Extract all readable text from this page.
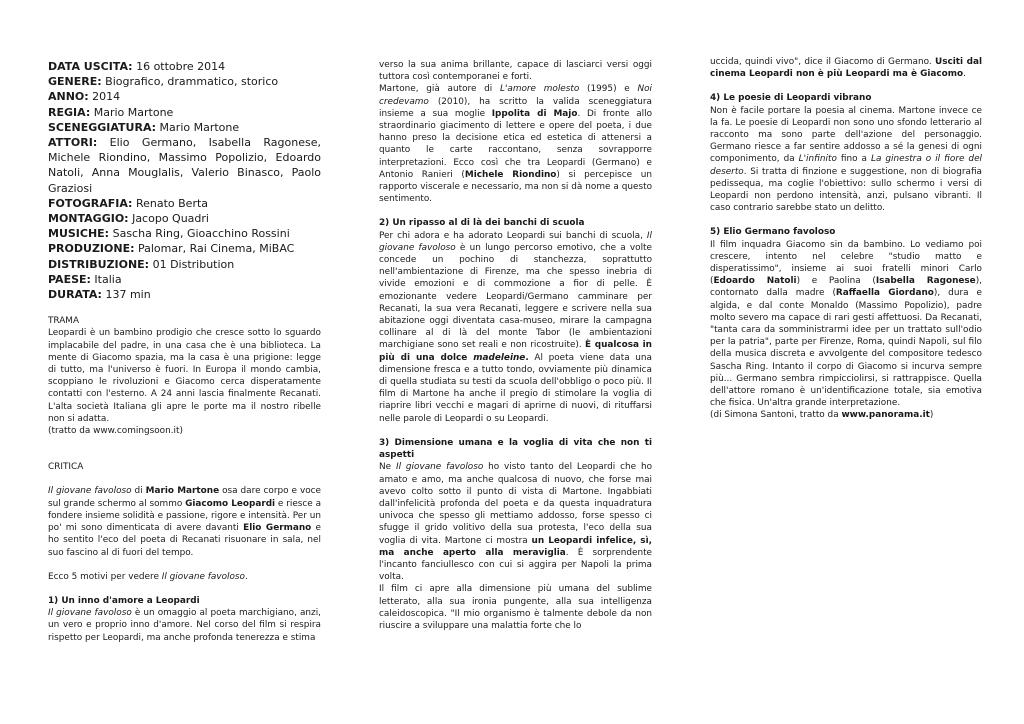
DATA USCITA: 16 ottobre 2014
GENERE: Biografico, drammatico, storico
ANNO: 2014
REGIA: Mario Martone
SCENEGGIATURA: Mario Martone
ATTORI: Elio Germano, Isabella Ragonese, Michele Riondino, Massimo Popolizio, Edoardo Natoli, Anna Mouglalis, Valerio Binasco, Paolo Graziosi
FOTOGRAFIA: Renato Berta
MONTAGGIO: Jacopo Quadri
MUSICHE: Sascha Ring, Gioacchino Rossini
PRODUZIONE: Palomar, Rai Cinema, MiBAC
DISTRIBUZIONE: 01 Distribution
PAESE: Italia
DURATA: 137 min

TRAMA

Leopardi è un bambino prodigio che cresce sotto lo sguardo implacabile del padre, in una casa che è una biblioteca. La mente di Giacomo spazia, ma la casa è una prigione: legge di tutto, ma l'universo è fuori. In Europa il mondo cambia, scoppiano le rivoluzioni e Giacomo cerca disperatamente contatti con l'esterno. A 24 anni lascia finalmente Recanati. L'alta società Italiana gli apre le porte ma il nostro ribelle non si adatta.

(tratto da www.comingsoon.it)

CRITICA

Il giovane favoloso di Mario Martone osa dare corpo e voce sul grande schermo al sommo Giacomo Leopardi e riesce a fondere insieme solidità e passione, rigore e intensità. Per un po' mi sono dimenticata di avere davanti Elio Germano e ho sentito l'eco del poeta di Recanati risuonare in sala, nel suo fascino al di fuori del tempo.

Ecco 5 motivi per vedere Il giovane favoloso.

1) Un inno d'amore a Leopardi

Il giovane favoloso è un omaggio al poeta marchigiano, anzi, un vero e proprio inno d'amore. Nel corso del film si respira rispetto per Leopardi, ma anche profonda tenerezza e stima

verso la sua anima brillante, capace di lasciarci versi oggi tuttora così contemporanei e forti.

Martone, già autore di L'amore molesto (1995) e Noi credevamo (2010), ha scritto la valida sceneggiatura insieme a sua moglie Ippolita di Majo. Di fronte allo straordinario giacimento di lettere e opere del poeta, i due hanno preso la decisione etica ed estetica di attenersi a quanto le carte raccontano, senza sovrapporre interpretazioni. Ecco così che tra Leopardi (Germano) e Antonio Ranieri (Michele Riondino) si percepisce un rapporto viscerale e necessario, ma non si dà nome a questo sentimento.

2) Un ripasso al di là dei banchi di scuola

Per chi adora e ha adorato Leopardi sui banchi di scuola, Il giovane favoloso è un lungo percorso emotivo, che a volte concede un pochino di stanchezza, soprattutto nell'ambientazione di Firenze, ma che spesso inebria di vivide emozioni e di commozione a fior di pelle. È emozionante vedere Leopardi/Germano camminare per Recanati, la sua vera Recanati, leggere e scrivere nella sua abitazione oggi diventata casa-museo, mirare la campagna collinare al di là del monte Tabor (le ambientazioni marchigiane sono set reali e non ricostruite). È qualcosa in più di una dolce madeleine. Al poeta viene data una dimensione fresca e a tutto tondo, ovviamente più dinamica di quella studiata su testi da scuola dell'obbligo o poco più. Il film di Martone ha anche il pregio di stimolare la voglia di riaprire libri vecchi e magari di aprirne di nuovi, di rituffarsi nelle parole di Leopardi o su Leopardi.

3) Dimensione umana e la voglia di vita che non ti aspetti

Ne Il giovane favoloso ho visto tanto del Leopardi che ho amato e amo, ma anche qualcosa di nuovo, che forse mai avevo colto sotto il punto di vista di Martone. Ingabbiati dall'infelicità profonda del poeta e da questa inquadratura univoca che spesso gli mettiamo addosso, forse spesso ci sfugge il grido volitivo della sua protesta, l'eco della sua voglia di vita. Martone ci mostra un Leopardi infelice, sì, ma anche aperto alla meraviglia. È sorprendente l'incanto fanciullesco con cui si aggira per Napoli la prima volta.

Il film ci apre alla dimensione più umana del sublime letterato, alla sua ironia pungente, alla sua intelligenza caleidoscopica. "Il mio organismo è talmente debole da non riuscire a sviluppare una malattia forte che lo

uccida, quindi vivo", dice il Giacomo di Germano. Usciti dal cinema Leopardi non è più Leopardi ma è Giacomo.

4) Le poesie di Leopardi vibrano

Non è facile portare la poesia al cinema. Martone invece ce la fa. Le poesie di Leopardi non sono uno sfondo letterario al racconto ma sono parte dell'azione del personaggio. Germano riesce a far sentire addosso a sé la genesi di ogni componimento, da L'infinito fino a La ginestra o il fiore del deserto. Si tratta di finzione e suggestione, non di biografia pedissequa, ma coglie l'obiettivo: sullo schermo i versi di Leopardi non perdono intensità, anzi, pulsano vibranti. Il caso contrario sarebbe stato un delitto.

5) Elio Germano favoloso

Il film inquadra Giacomo sin da bambino. Lo vediamo poi crescere, intento nel celebre "studio matto e disperatissimo", insieme ai suoi fratelli minori Carlo (Edoardo Natoli) e Paolina (Isabella Ragonese), contornato dalla madre (Raffaella Giordano), dura e algida, e dal conte Monaldo (Massimo Popolizio), padre molto severo ma capace di rari gesti affettuosi. Da Recanati, "tanta cara da somministrarmi idee per un trattato sull'odio per la patria", parte per Firenze, Roma, quindi Napoli, sul filo della musica discreta e avvolgente del compositore tedesco Sascha Ring. Intanto il corpo di Giacomo si incurva sempre più... Germano sembra rimpicciolirsi, si rattrappisce. Quella dell'attore romano è un'identificazione totale, sia emotiva che fisica. Un'altra grande interpretazione.

(di Simona Santoni, tratto da www.panorama.it)
